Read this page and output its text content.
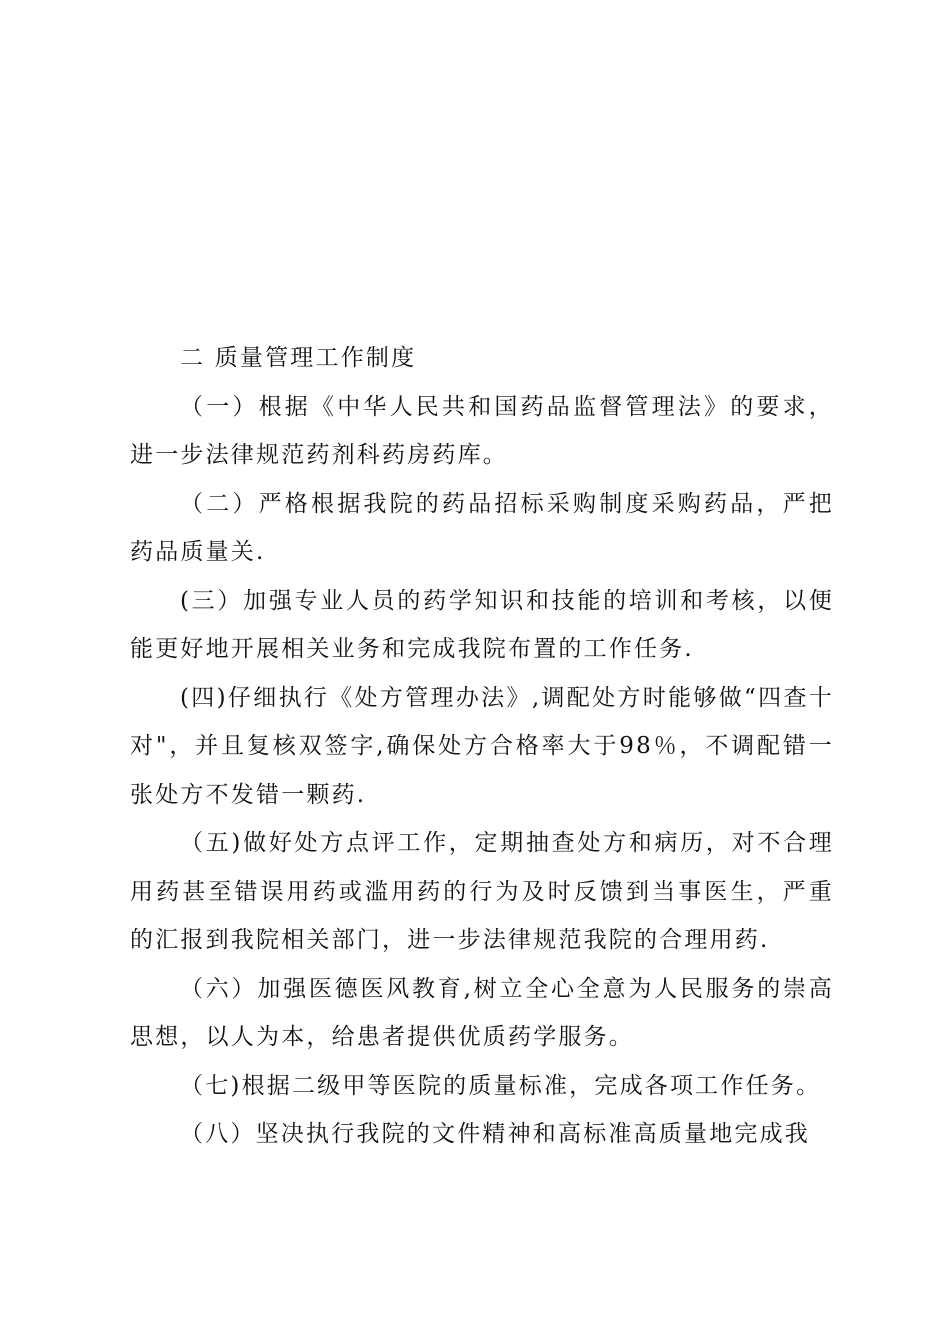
二 质量管理工作制度

（一）根据《中华人民共和国药品监督管理法》的要求，进一步法律规范药剂科药房药库。

（二）严格根据我院的药品招标采购制度采购药品，严把药品质量关.

(三）加强专业人员的药学知识和技能的培训和考核，以便能更好地开展相关业务和完成我院布置的工作任务.

(四)仔细执行《处方管理办法》,调配处方时能够做“四查十对"，并且复核双签字,确保处方合格率大于98％，不调配错一张处方不发错一颗药.

（五)做好处方点评工作，定期抽查处方和病历，对不合理用药甚至错误用药或滥用药的行为及时反馈到当事医生，严重的汇报到我院相关部门，进一步法律规范我院的合理用药.

（六）加强医德医风教育,树立全心全意为人民服务的崇高思想，以人为本，给患者提供优质药学服务。

（七)根据二级甲等医院的质量标准，完成各项工作任务。

（八）坚决执行我院的文件精神和高标准高质量地完成我
